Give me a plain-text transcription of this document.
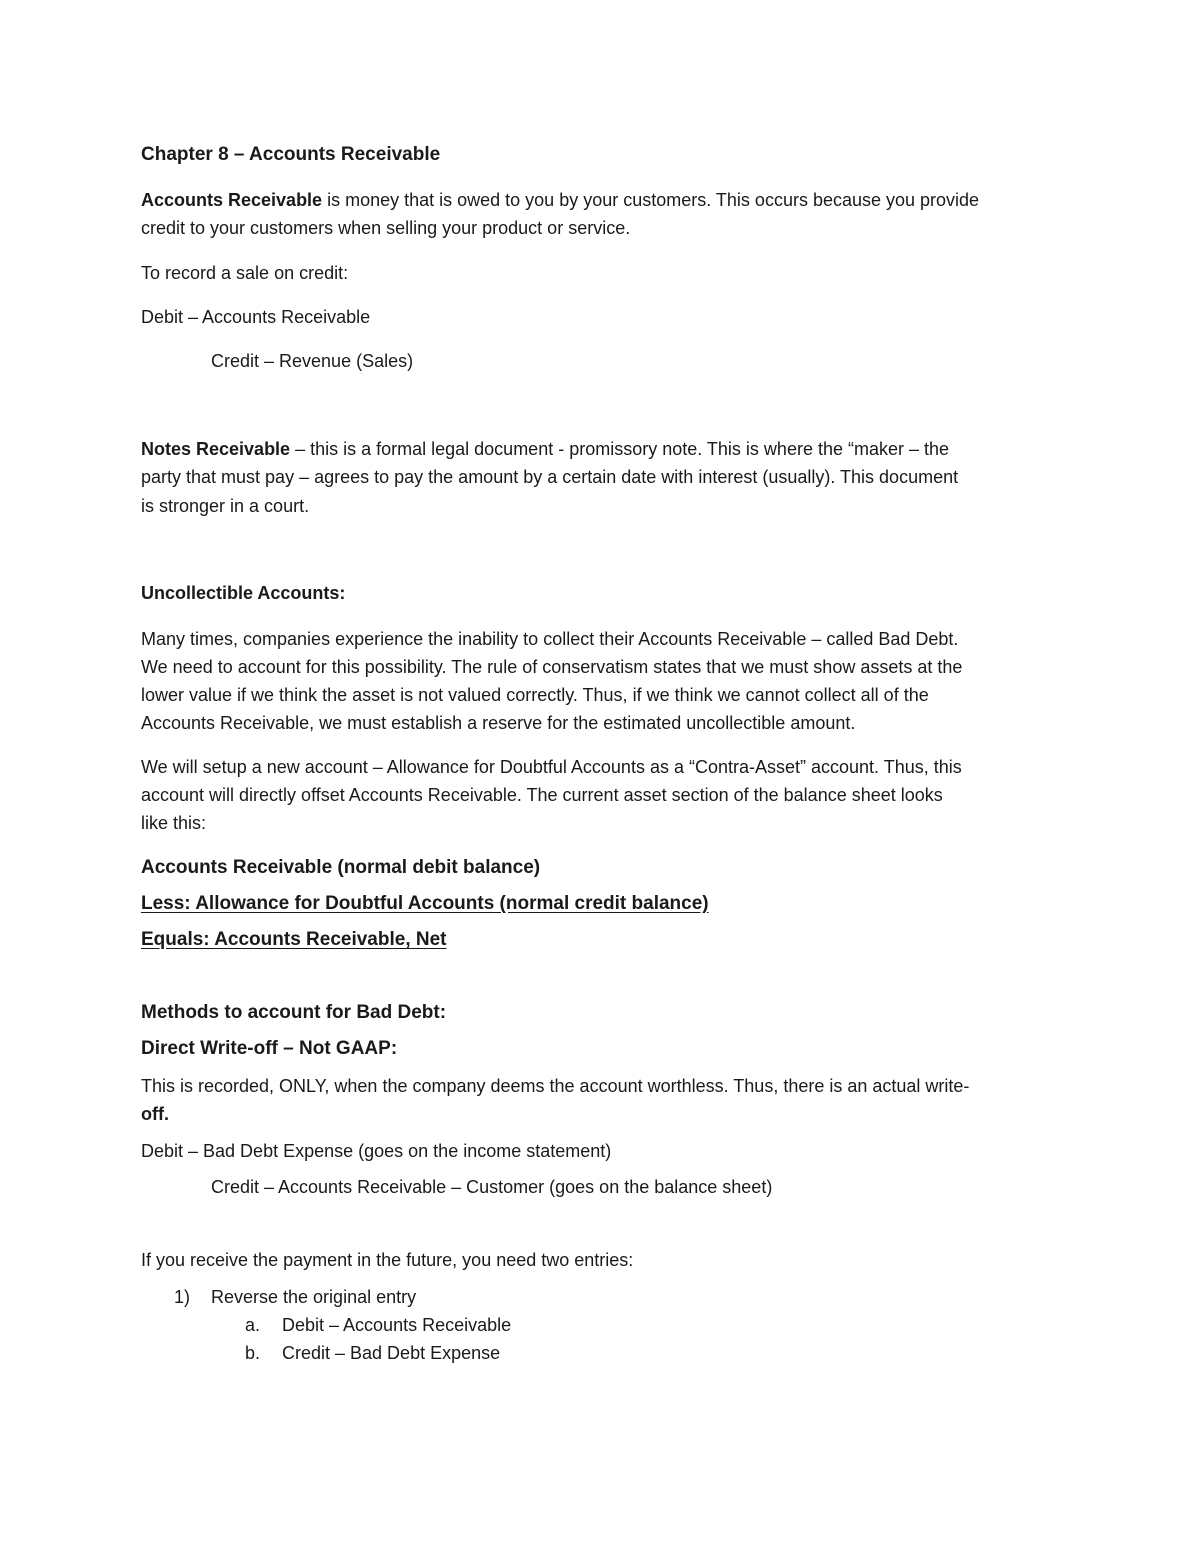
Chapter 8 – Accounts Receivable

Accounts Receivable is money that is owed to you by your customers. This occurs because you provide

credit to your customers when selling your product or service.

To record a sale on credit:

Debit – Accounts Receivable

Credit – Revenue (Sales)

Notes Receivable – this is a formal legal document - promissory note. This is where the “maker – the

party that must pay – agrees to pay the amount by a certain date with interest (usually). This document

is stronger in a court.

Uncollectible Accounts:

Many times, companies experience the inability to collect their Accounts Receivable – called Bad Debt.

We need to account for this possibility. The rule of conservatism states that we must show assets at the

lower value if we think the asset is not valued correctly. Thus, if we think we cannot collect all of the

Accounts Receivable, we must establish a reserve for the estimated uncollectible amount.

We will setup a new account – Allowance for Doubtful Accounts as a “Contra-Asset” account. Thus, this

account will directly offset Accounts Receivable. The current asset section of the balance sheet looks

like this:

Accounts Receivable (normal debit balance)

Less: Allowance for Doubtful Accounts (normal credit balance)

Equals: Accounts Receivable, Net

Methods to account for Bad Debt:

Direct Write-off – Not GAAP:

This is recorded, ONLY, when the company deems the account worthless. Thus, there is an actual write-

off.

Debit – Bad Debt Expense (goes on the income statement)

Credit – Accounts Receivable – Customer (goes on the balance sheet)

If you receive the payment in the future, you need two entries:

1) Reverse the original entry

a. Debit – Accounts Receivable

b. Credit – Bad Debt Expense
